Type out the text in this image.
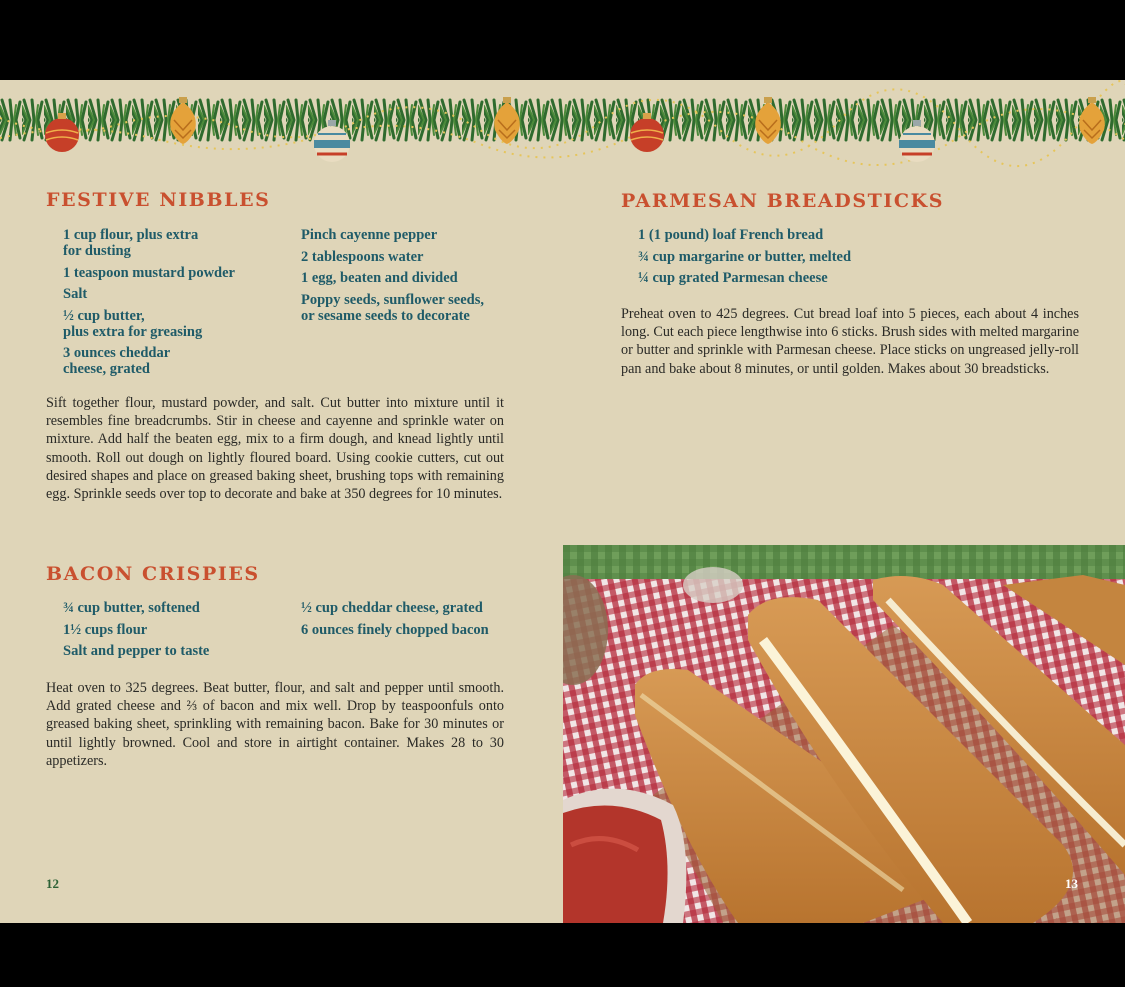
FESTIVE NIBBLES
1 cup flour, plus extra
for dusting
1 teaspoon mustard powder
Salt
½ cup butter,
plus extra for greasing
3 ounces cheddar
cheese, grated
Pinch cayenne pepper
2 tablespoons water
1 egg, beaten and divided
Poppy seeds, sunflower seeds,
or sesame seeds to decorate

Sift together flour, mustard powder, and salt. Cut butter into mixture until it resembles fine breadcrumbs. Stir in cheese and cayenne and sprinkle water on mixture. Add half the beaten egg, mix to a firm dough, and knead lightly until smooth. Roll out dough on lightly floured board. Using cookie cutters, cut out desired shapes and place on greased baking sheet, brushing tops with remaining egg. Sprinkle seeds over top to decorate and bake at 350 degrees for 10 minutes.

BACON CRISPIES
¾ cup butter, softened
1½ cups flour
Salt and pepper to taste
½ cup cheddar cheese, grated
6 ounces finely chopped bacon

Heat oven to 325 degrees. Beat butter, flour, and salt and pepper until smooth. Add grated cheese and ⅔ of bacon and mix well. Drop by teaspoonfuls onto greased baking sheet, sprinkling with remaining bacon. Bake for 30 minutes or until lightly browned. Cool and store in airtight container. Makes 28 to 30 appetizers.

12

PARMESAN BREADSTICKS
1 (1 pound) loaf French bread
¾ cup margarine or butter, melted
¼ cup grated Parmesan cheese

Preheat oven to 425 degrees. Cut bread loaf into 5 pieces, each about 4 inches long. Cut each piece lengthwise into 6 sticks. Brush sides with melted margarine or butter and sprinkle with Parmesan cheese. Place sticks on ungreased jelly-roll pan and bake about 8 minutes, or until golden. Makes about 30 breadsticks.

13
